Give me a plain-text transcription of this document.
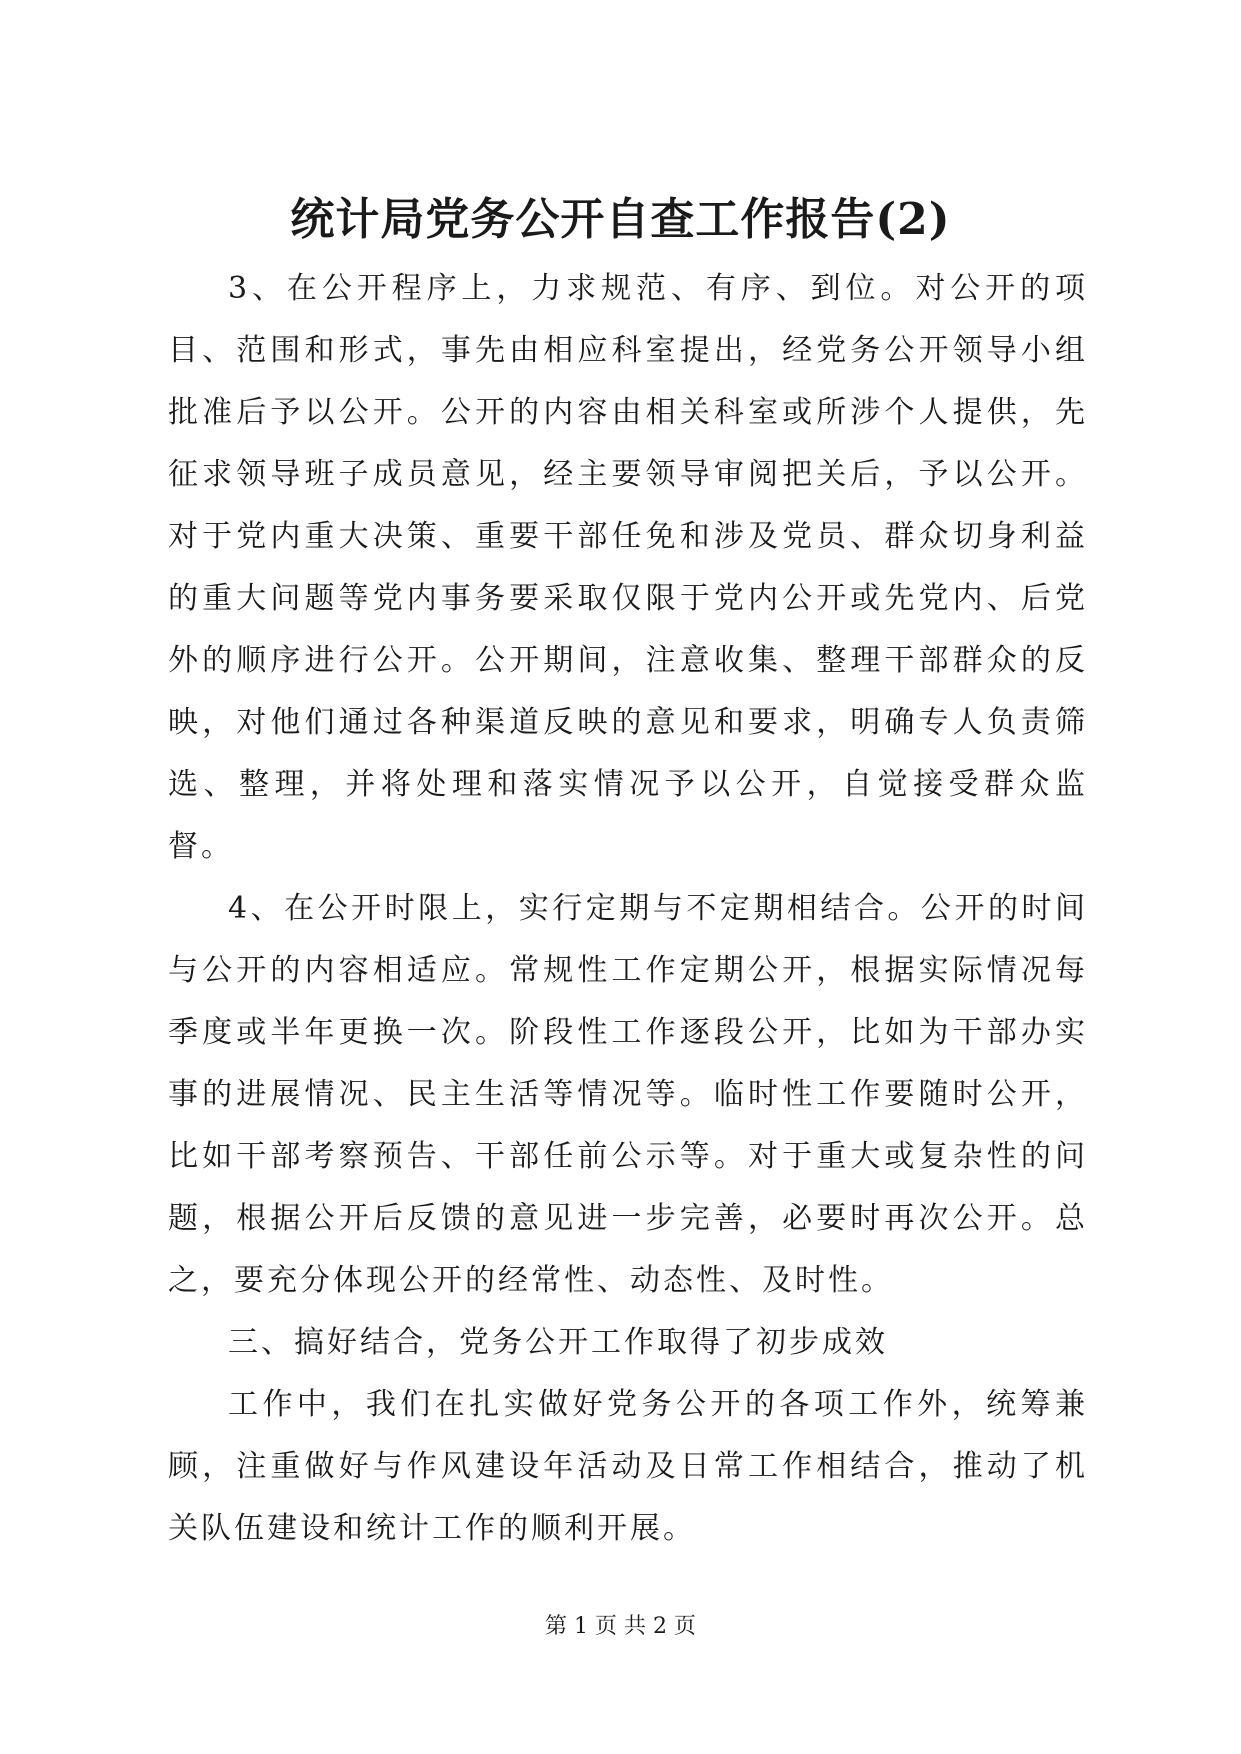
统计局党务公开自查工作报告(2)

3、在公开程序上，力求规范、有序、到位。对公开的项目、范围和形式，事先由相应科室提出，经党务公开领导小组批准后予以公开。公开的内容由相关科室或所涉个人提供，先征求领导班子成员意见，经主要领导审阅把关后，予以公开。对于党内重大决策、重要干部任免和涉及党员、群众切身利益的重大问题等党内事务要采取仅限于党内公开或先党内、后党外的顺序进行公开。公开期间，注意收集、整理干部群众的反映，对他们通过各种渠道反映的意见和要求，明确专人负责筛选、整理，并将处理和落实情况予以公开，自觉接受群众监督。

4、在公开时限上，实行定期与不定期相结合。公开的时间与公开的内容相适应。常规性工作定期公开，根据实际情况每季度或半年更换一次。阶段性工作逐段公开，比如为干部办实事的进展情况、民主生活等情况等。临时性工作要随时公开，比如干部考察预告、干部任前公示等。对于重大或复杂性的问题，根据公开后反馈的意见进一步完善，必要时再次公开。总之，要充分体现公开的经常性、动态性、及时性。

三、搞好结合，党务公开工作取得了初步成效

工作中，我们在扎实做好党务公开的各项工作外，统筹兼顾，注重做好与作风建设年活动及日常工作相结合，推动了机关队伍建设和统计工作的顺利开展。

第 1 页 共 2 页
